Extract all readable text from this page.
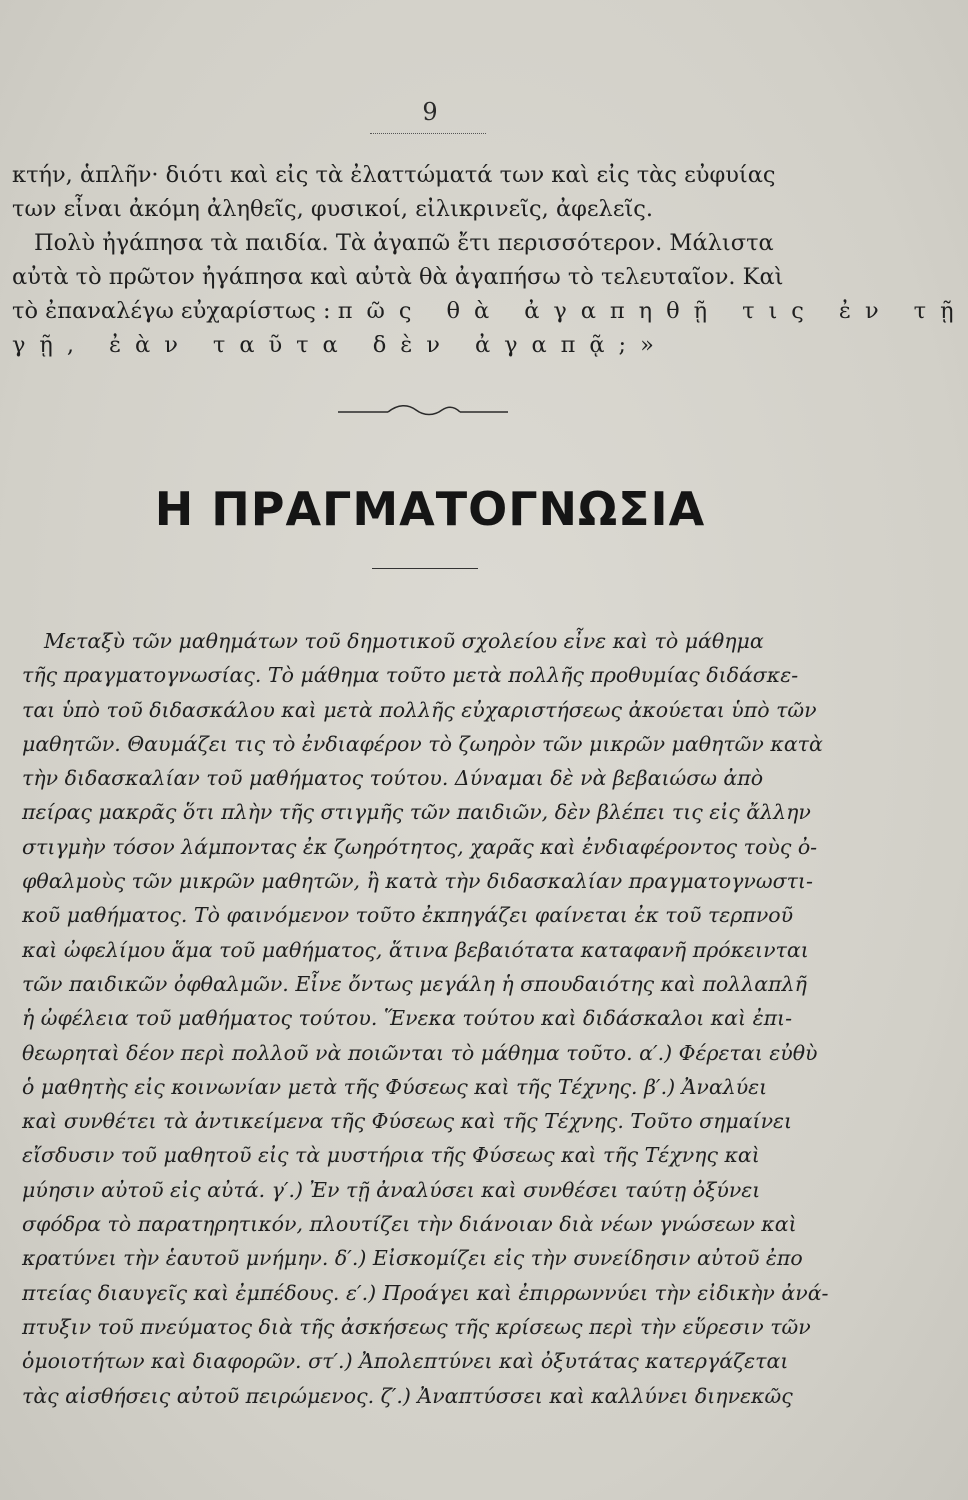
9
κτήν, ἁπλῆν· διότι καὶ εἰς τὰ ἐλαττώματά των καὶ εἰς τὰς εὐφυίας
των εἶναι ἀκόμη ἀληθεῖς, φυσικοί, εἰλικρινεῖς, ἀφελεῖς.
Πολὺ ἠγάπησα τὰ παιδία. Τὰ ἀγαπῶ ἔτι περισσότερον. Μάλιστα
αὐτὰ τὸ πρῶτον ἠγάπησα καὶ αὐτὰ θὰ ἀγαπήσω τὸ τελευταῖον. Καὶ
τὸ ἐπαναλέγω εὐχαρίστως : πῶς θὰ ἀγαπηθῇ τις ἐν τῇ
γῇ, ἐὰν ταῦτα δὲν ἀγαπᾷ;»
Η ΠΡΑΓΜΑΤΟΓΝΩΣΙΑ
Μεταξὺ τῶν μαθημάτων τοῦ δημοτικοῦ σχολείου εἶνε καὶ τὸ μάθημα
τῆς πραγματογνωσίας. Τὸ μάθημα τοῦτο μετὰ πολλῆς προθυμίας διδάσκε-
ται ὑπὸ τοῦ διδασκάλου καὶ μετὰ πολλῆς εὐχαριστήσεως ἀκούεται ὑπὸ τῶν
μαθητῶν. Θαυμάζει τις τὸ ἐνδιαφέρον τὸ ζωηρὸν τῶν μικρῶν μαθητῶν κατὰ
τὴν διδασκαλίαν τοῦ μαθήματος τούτου. Δύναμαι δὲ νὰ βεβαιώσω ἀπὸ
πείρας μακρᾶς ὅτι πλὴν τῆς στιγμῆς τῶν παιδιῶν, δὲν βλέπει τις εἰς ἄλλην
στιγμὴν τόσον λάμποντας ἐκ ζωηρότητος, χαρᾶς καὶ ἐνδιαφέροντος τοὺς ὀ-
φθαλμοὺς τῶν μικρῶν μαθητῶν, ἢ κατὰ τὴν διδασκαλίαν πραγματογνωστι-
κοῦ μαθήματος. Τὸ φαινόμενον τοῦτο ἐκπηγάζει φαίνεται ἐκ τοῦ τερπνοῦ
καὶ ὠφελίμου ἅμα τοῦ μαθήματος, ἅτινα βεβαιότατα καταφανῆ πρόκεινται
τῶν παιδικῶν ὀφθαλμῶν. Εἶνε ὄντως μεγάλη ἡ σπουδαιότης καὶ πολλαπλῆ
ἡ ὠφέλεια τοῦ μαθήματος τούτου. Ἕνεκα τούτου καὶ διδάσκαλοι καὶ ἐπι-
θεωρηταὶ δέον περὶ πολλοῦ νὰ ποιῶνται τὸ μάθημα τοῦτο. α′.) Φέρεται εὐθὺ
ὁ μαθητὴς εἰς κοινωνίαν μετὰ τῆς Φύσεως καὶ τῆς Τέχνης. β′.) Ἀναλύει
καὶ συνθέτει τὰ ἀντικείμενα τῆς Φύσεως καὶ τῆς Τέχνης. Τοῦτο σημαίνει
εἴσδυσιν τοῦ μαθητοῦ εἰς τὰ μυστήρια τῆς Φύσεως καὶ τῆς Τέχνης καὶ
μύησιν αὐτοῦ εἰς αὐτά. γ′.) Ἐν τῇ ἀναλύσει καὶ συνθέσει ταύτῃ ὀξύνει
σφόδρα τὸ παρατηρητικόν, πλουτίζει τὴν διάνοιαν διὰ νέων γνώσεων καὶ
κρατύνει τὴν ἑαυτοῦ μνήμην. δ′.) Εἰσκομίζει εἰς τὴν συνείδησιν αὐτοῦ ἐπο
πτείας διαυγεῖς καὶ ἐμπέδους. ε′.) Προάγει καὶ ἐπιρρωννύει τὴν εἰδικὴν ἀνά-
πτυξιν τοῦ πνεύματος διὰ τῆς ἀσκήσεως τῆς κρίσεως περὶ τὴν εὕρεσιν τῶν
ὁμοιοτήτων καὶ διαφορῶν. στ′.) Ἀπολεπτύνει καὶ ὀξυτάτας κατεργάζεται
τὰς αἰσθήσεις αὐτοῦ πειρώμενος. ζ′.) Ἀναπτύσσει καὶ καλλύνει διηνεκῶς
